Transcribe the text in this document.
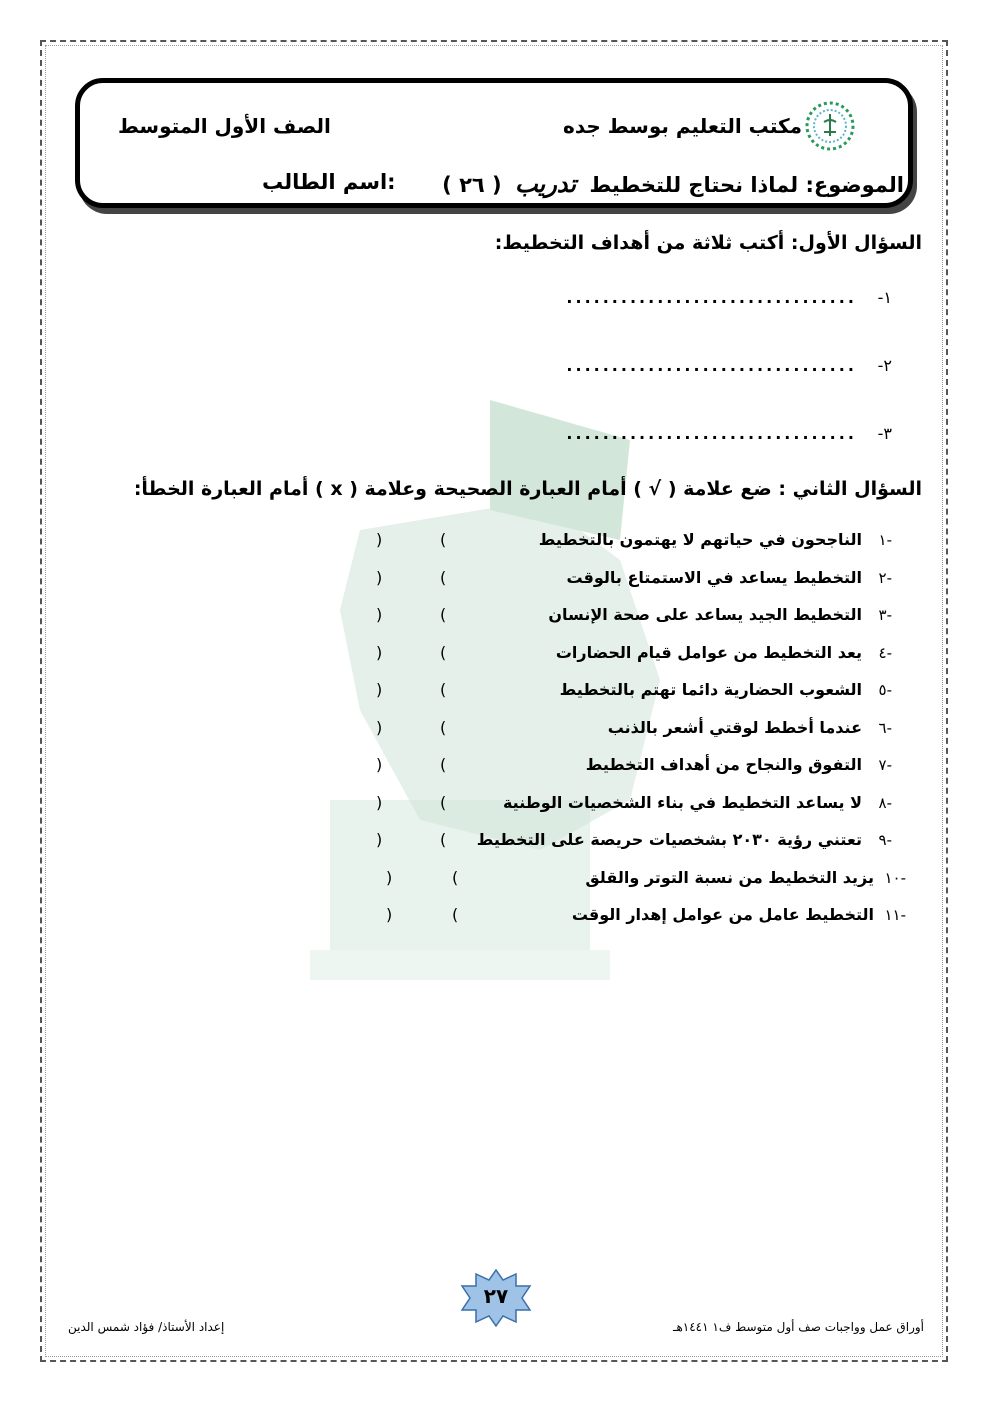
مكتب التعليم بوسط جده
الصف الأول المتوسط
الموضوع: لماذا نحتاج للتخطيط تدريب ( ٢٦ )
اسم الطالب:
السؤال الأول: أكتب ثلاثة من أهداف التخطيط:
١- ................................
٢- ................................
٣- ................................
السؤال الثاني : ضع علامة ( √ ) أمام العبارة الصحيحة وعلامة ( x ) أمام العبارة الخطأ:
١-
الناجحون في حياتهم لا يهتمون بالتخطيط
(
)
٢-
التخطيط يساعد في الاستمتاع بالوقت
(
)
٣-
التخطيط الجيد يساعد على صحة الإنسان
(
)
٤-
يعد التخطيط من عوامل قيام الحضارات
(
)
٥-
الشعوب الحضارية دائما تهتم بالتخطيط
(
)
٦-
عندما أخطط لوقتي أشعر بالذنب
(
)
٧-
التفوق والنجاح من أهداف التخطيط
(
)
٨-
لا يساعد التخطيط في بناء الشخصيات الوطنية
(
)
٩-
تعتني رؤية ٢٠٣٠ بشخصيات حريصة على التخطيط
(
)
١٠-
يزيد التخطيط من نسبة التوتر والقلق
(
)
١١-
التخطيط عامل من عوامل إهدار الوقت
(
)
٢٧
إعداد الأستاذ/ فؤاد شمس الدين	أوراق عمل وواجبات صف أول متوسط ف١ ١٤٤١هـ
